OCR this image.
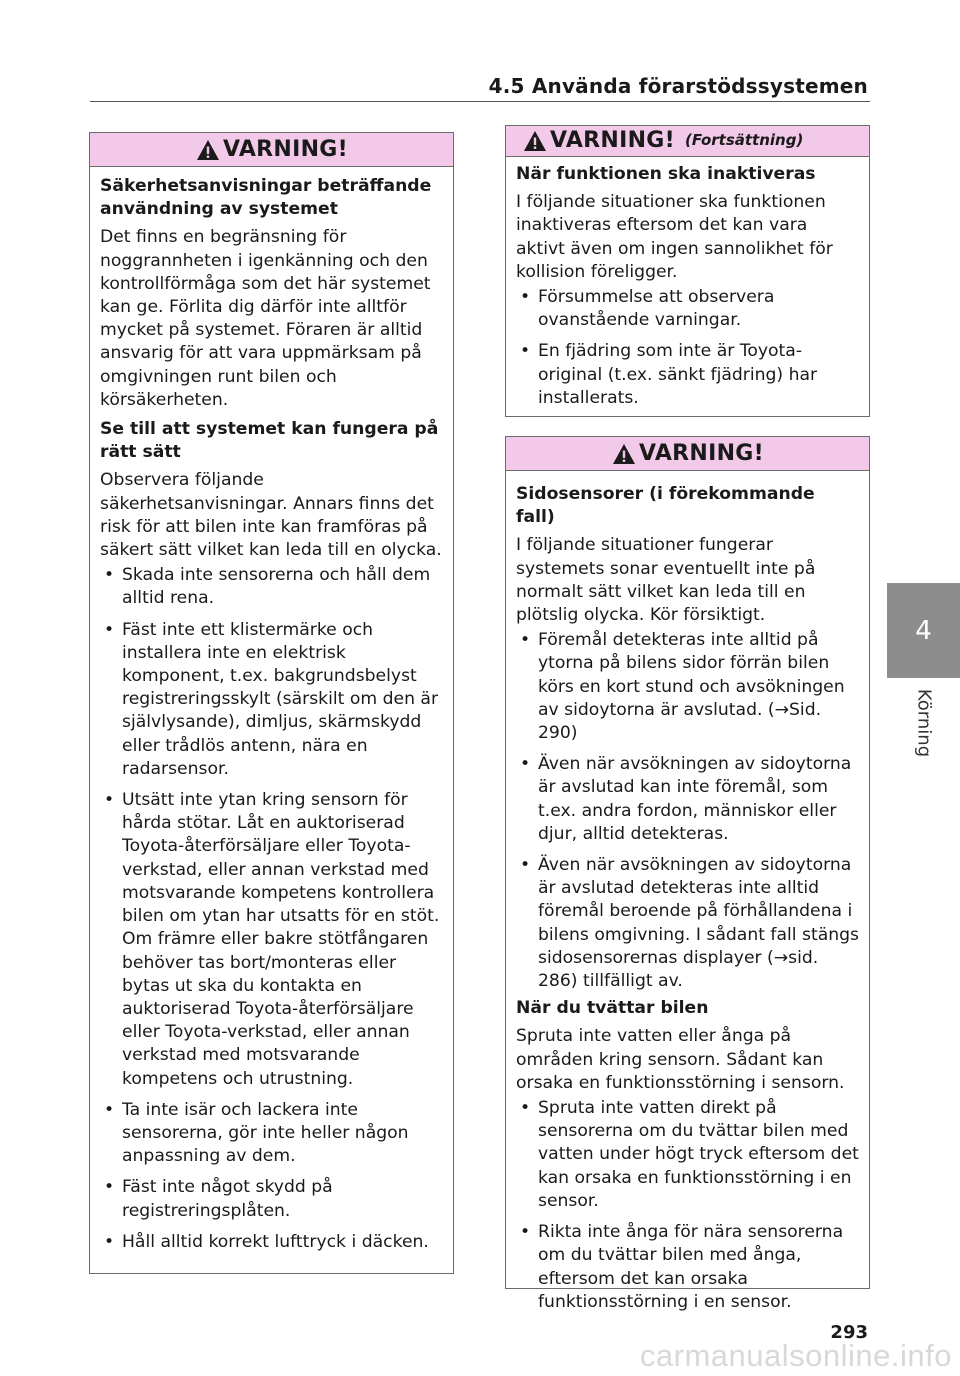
4.5 Använda förarstödssystemen
4
Körning
VARNING!

Säkerhetsanvisningar beträffande användning av systemet

Det finns en begränsning för noggrannheten i igenkänning och den kontrollförmåga som det här systemet kan ge. Förlita dig därför inte alltför mycket på systemet. Föraren är alltid ansvarig för att vara uppmärksam på omgivningen runt bilen och körsäkerheten.

Se till att systemet kan fungera på rätt sätt

Observera följande säkerhetsanvisningar. Annars finns det risk för att bilen inte kan framföras på säkert sätt vilket kan leda till en olycka.

• Skada inte sensorerna och håll dem alltid rena.
• Fäst inte ett klistermärke och installera inte en elektrisk komponent, t.ex. bakgrundsbelyst registreringsskylt (särskilt om den är självlysande), dimljus, skärmskydd eller trådlös antenn, nära en radarsensor.
• Utsätt inte ytan kring sensorn för hårda stötar. Låt en auktoriserad Toyota-återförsäljare eller Toyota-verkstad, eller annan verkstad med motsvarande kompetens kontrollera bilen om ytan har utsatts för en stöt. Om främre eller bakre stötfångaren behöver tas bort/monteras eller bytas ut ska du kontakta en auktoriserad Toyota-återförsäljare eller Toyota-verkstad, eller annan verkstad med motsvarande kompetens och utrustning.
• Ta inte isär och lackera inte sensorerna, gör inte heller någon anpassning av dem.
• Fäst inte något skydd på registreringsplåten.
• Håll alltid korrekt lufttryck i däcken.
VARNING! (Fortsättning)

När funktionen ska inaktiveras

I följande situationer ska funktionen inaktiveras eftersom det kan vara aktivt även om ingen sannolikhet för kollision föreligger.

• Försummelse att observera ovanstående varningar.
• En fjädring som inte är Toyota-original (t.ex. sänkt fjädring) har installerats.
VARNING!

Sidosensorer (i förekommande fall)

I följande situationer fungerar systemets sonar eventuellt inte på normalt sätt vilket kan leda till en plötslig olycka. Kör försiktigt.

• Föremål detekteras inte alltid på ytorna på bilens sidor förrän bilen körs en kort stund och avsökningen av sidoytorna är avslutad. (→Sid. 290)
• Även när avsökningen av sidoytorna är avslutad kan inte föremål, som t.ex. andra fordon, människor eller djur, alltid detekteras.
• Även när avsökningen av sidoytorna är avslutad detekteras inte alltid föremål beroende på förhållandena i bilens omgivning. I sådant fall stängs sidosensorernas displayer (→sid. 286) tillfälligt av.

När du tvättar bilen

Spruta inte vatten eller ånga på områden kring sensorn. Sådant kan orsaka en funktionsstörning i sensorn.

• Spruta inte vatten direkt på sensorerna om du tvättar bilen med vatten under högt tryck eftersom det kan orsaka en funktionsstörning i en sensor.
• Rikta inte ånga för nära sensorerna om du tvättar bilen med ånga, eftersom det kan orsaka funktionsstörning i en sensor.
293
carmanualsonline.info
